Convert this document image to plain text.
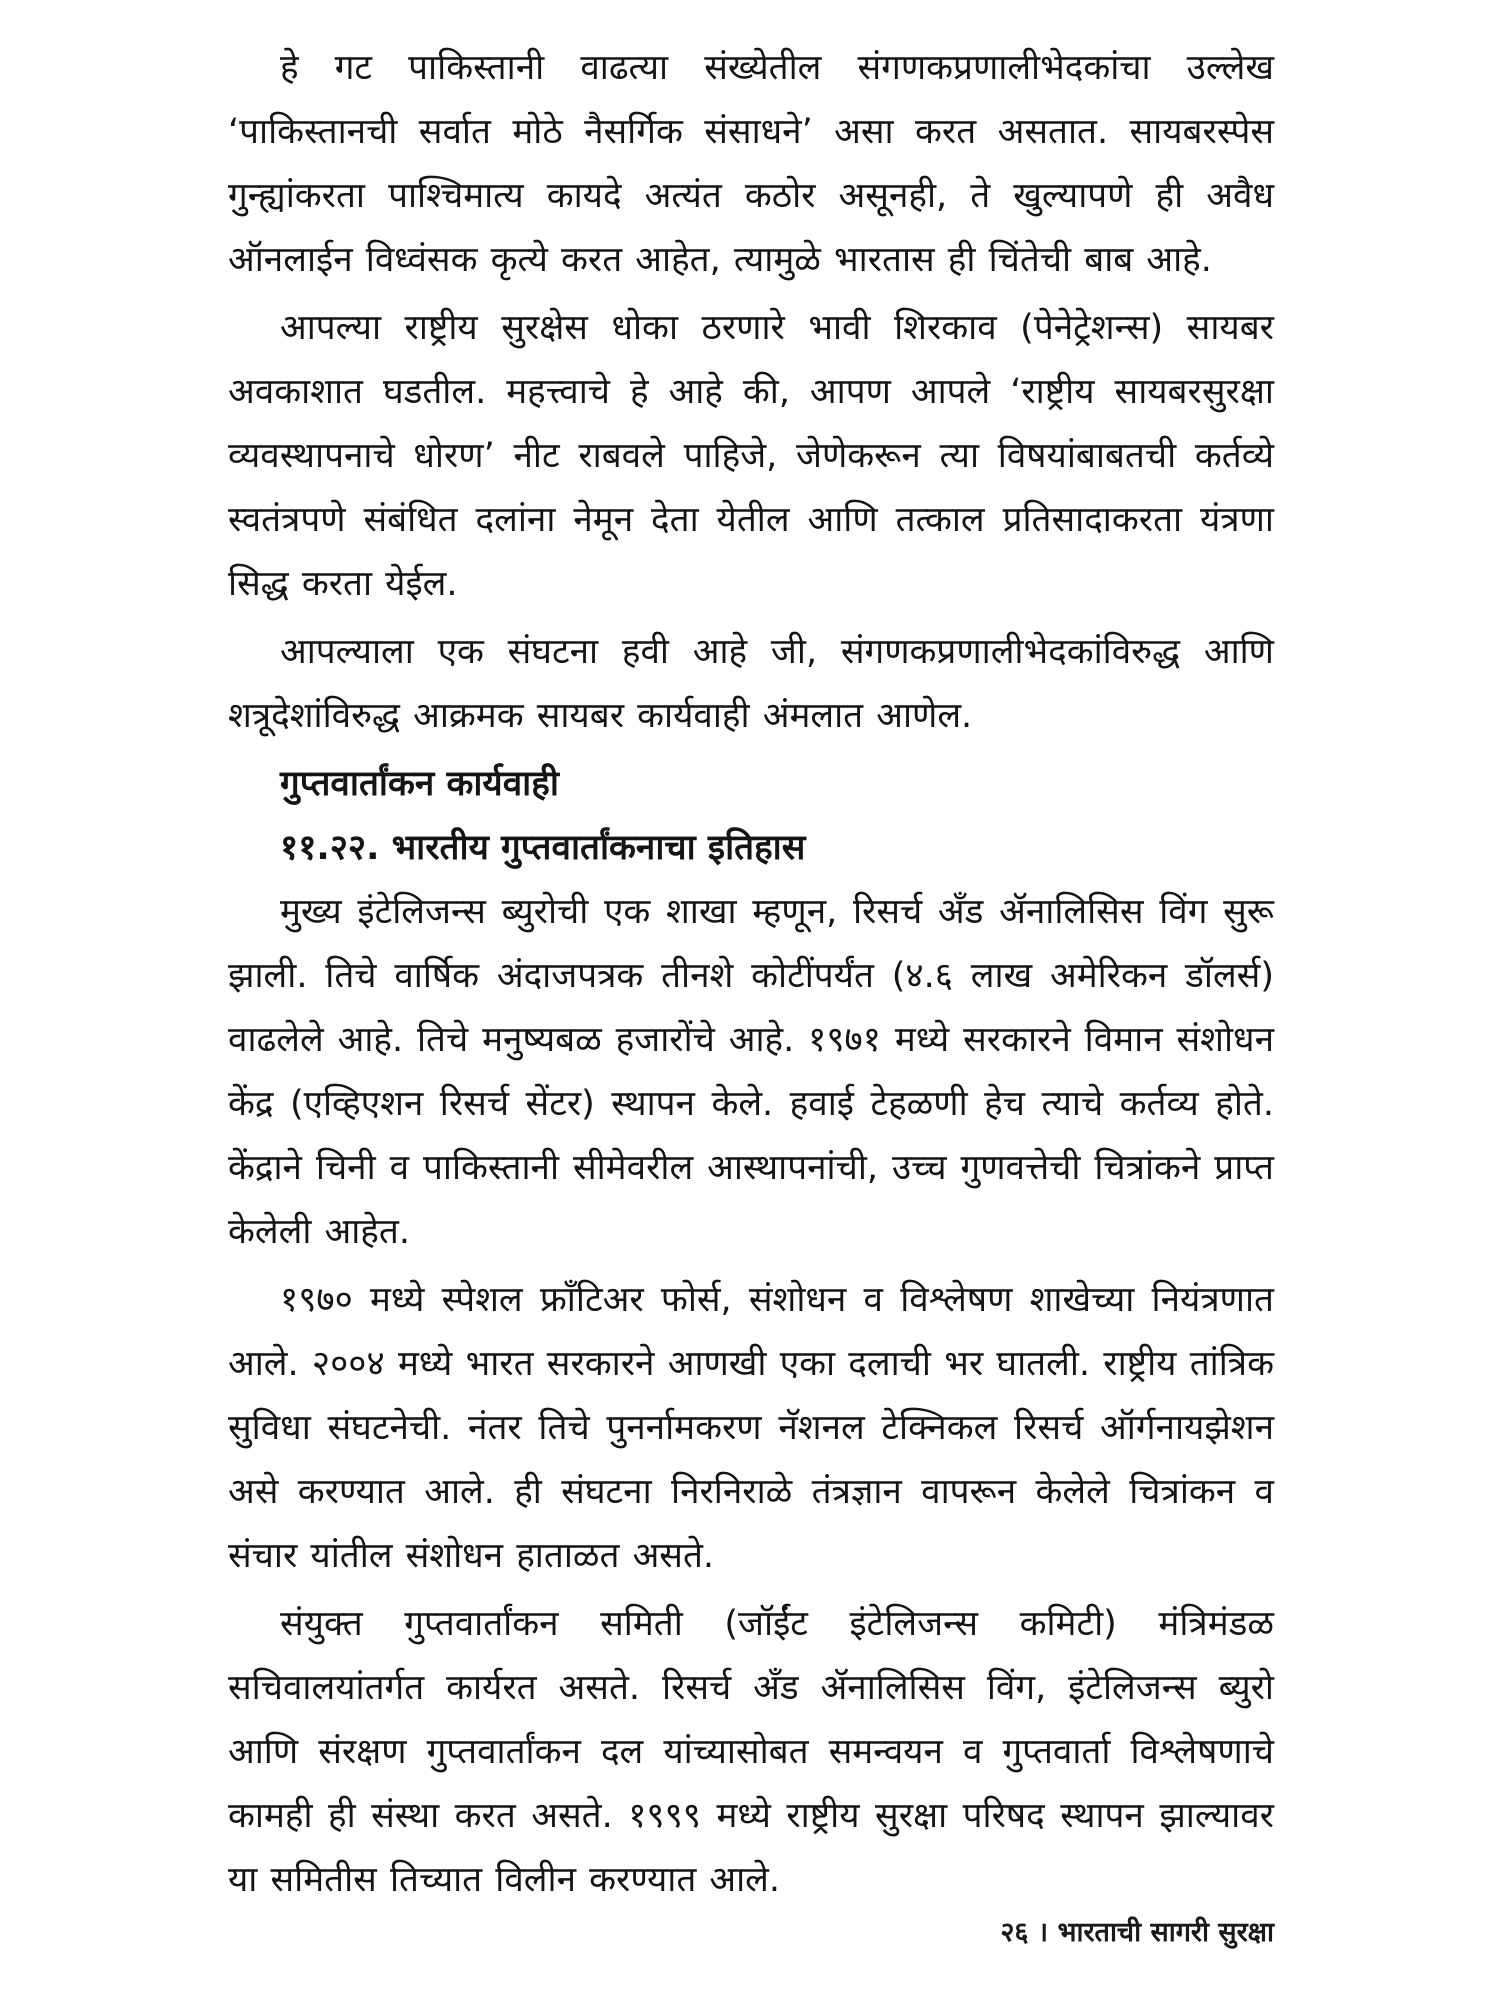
हे गट पाकिस्तानी वाढत्या संख्येतील संगणकप्रणालीभेदकांचा उल्लेख ‘पाकिस्तानची सर्वात मोठे नैसर्गिक संसाधने’ असा करत असतात. सायबरस्पेस गुन्ह्यांकरता पाश्चिमात्य कायदे अत्यंत कठोर असूनही, ते खुल्यापणे ही अवैध ऑनलाईन विध्वंसक कृत्ये करत आहेत, त्यामुळे भारतास ही चिंतेची बाब आहे.

आपल्या राष्ट्रीय सुरक्षेस धोका ठरणारे भावी शिरकाव (पेनेट्रेशन्स) सायबर अवकाशात घडतील. महत्त्वाचे हे आहे की, आपण आपले ‘राष्ट्रीय सायबरसुरक्षा व्यवस्थापनाचे धोरण’ नीट राबवले पाहिजे, जेणेकरून त्या विषयांबाबतची कर्तव्ये स्वतंत्रपणे संबंधित दलांना नेमून देता येतील आणि तत्काल प्रतिसादाकरता यंत्रणा सिद्ध करता येईल.

आपल्याला एक संघटना हवी आहे जी, संगणकप्रणालीभेदकांविरुद्ध आणि शत्रूदेशांविरुद्ध आक्रमक सायबर कार्यवाही अंमलात आणेल.

गुप्तवार्तांकन कार्यवाही
११.२२. भारतीय गुप्तवार्तांकनाचा इतिहास

मुख्य इंटेलिजन्स ब्युरोची एक शाखा म्हणून, रिसर्च अँड ॲनालिसिस विंग सुरू झाली. तिचे वार्षिक अंदाजपत्रक तीनशे कोटींपर्यंत (४.६ लाख अमेरिकन डॉलर्स) वाढलेले आहे. तिचे मनुष्यबळ हजारोंचे आहे. १९७१ मध्ये सरकारने विमान संशोधन केंद्र (एव्हिएशन रिसर्च सेंटर) स्थापन केले. हवाई टेहळणी हेच त्याचे कर्तव्य होते. केंद्राने चिनी व पाकिस्तानी सीमेवरील आस्थापनांची, उच्च गुणवत्तेची चित्रांकने प्राप्त केलेली आहेत.

१९७० मध्ये स्पेशल फ्रॉंटिअर फोर्स, संशोधन व विश्लेषण शाखेच्या नियंत्रणात आले. २००४ मध्ये भारत सरकारने आणखी एका दलाची भर घातली. राष्ट्रीय तांत्रिक सुविधा संघटनेची. नंतर तिचे पुनर्नामकरण नॅशनल टेक्निकल रिसर्च ऑर्गनायझेशन असे करण्यात आले. ही संघटना निरनिराळे तंत्रज्ञान वापरून केलेले चित्रांकन व संचार यांतील संशोधन हाताळत असते.

संयुक्त गुप्तवार्तांकन समिती (जॉईंट इंटेलिजन्स कमिटी) मंत्रिमंडळ सचिवालयांतर्गत कार्यरत असते. रिसर्च अँड ॲनालिसिस विंग, इंटेलिजन्स ब्युरो आणि संरक्षण गुप्तवार्तांकन दल यांच्यासोबत समन्वयन व गुप्तवार्ता विश्लेषणाचे कामही ही संस्था करत असते. १९९९ मध्ये राष्ट्रीय सुरक्षा परिषद स्थापन झाल्यावर या समितीस तिच्यात विलीन करण्यात आले.

२६ । भारताची सागरी सुरक्षा
